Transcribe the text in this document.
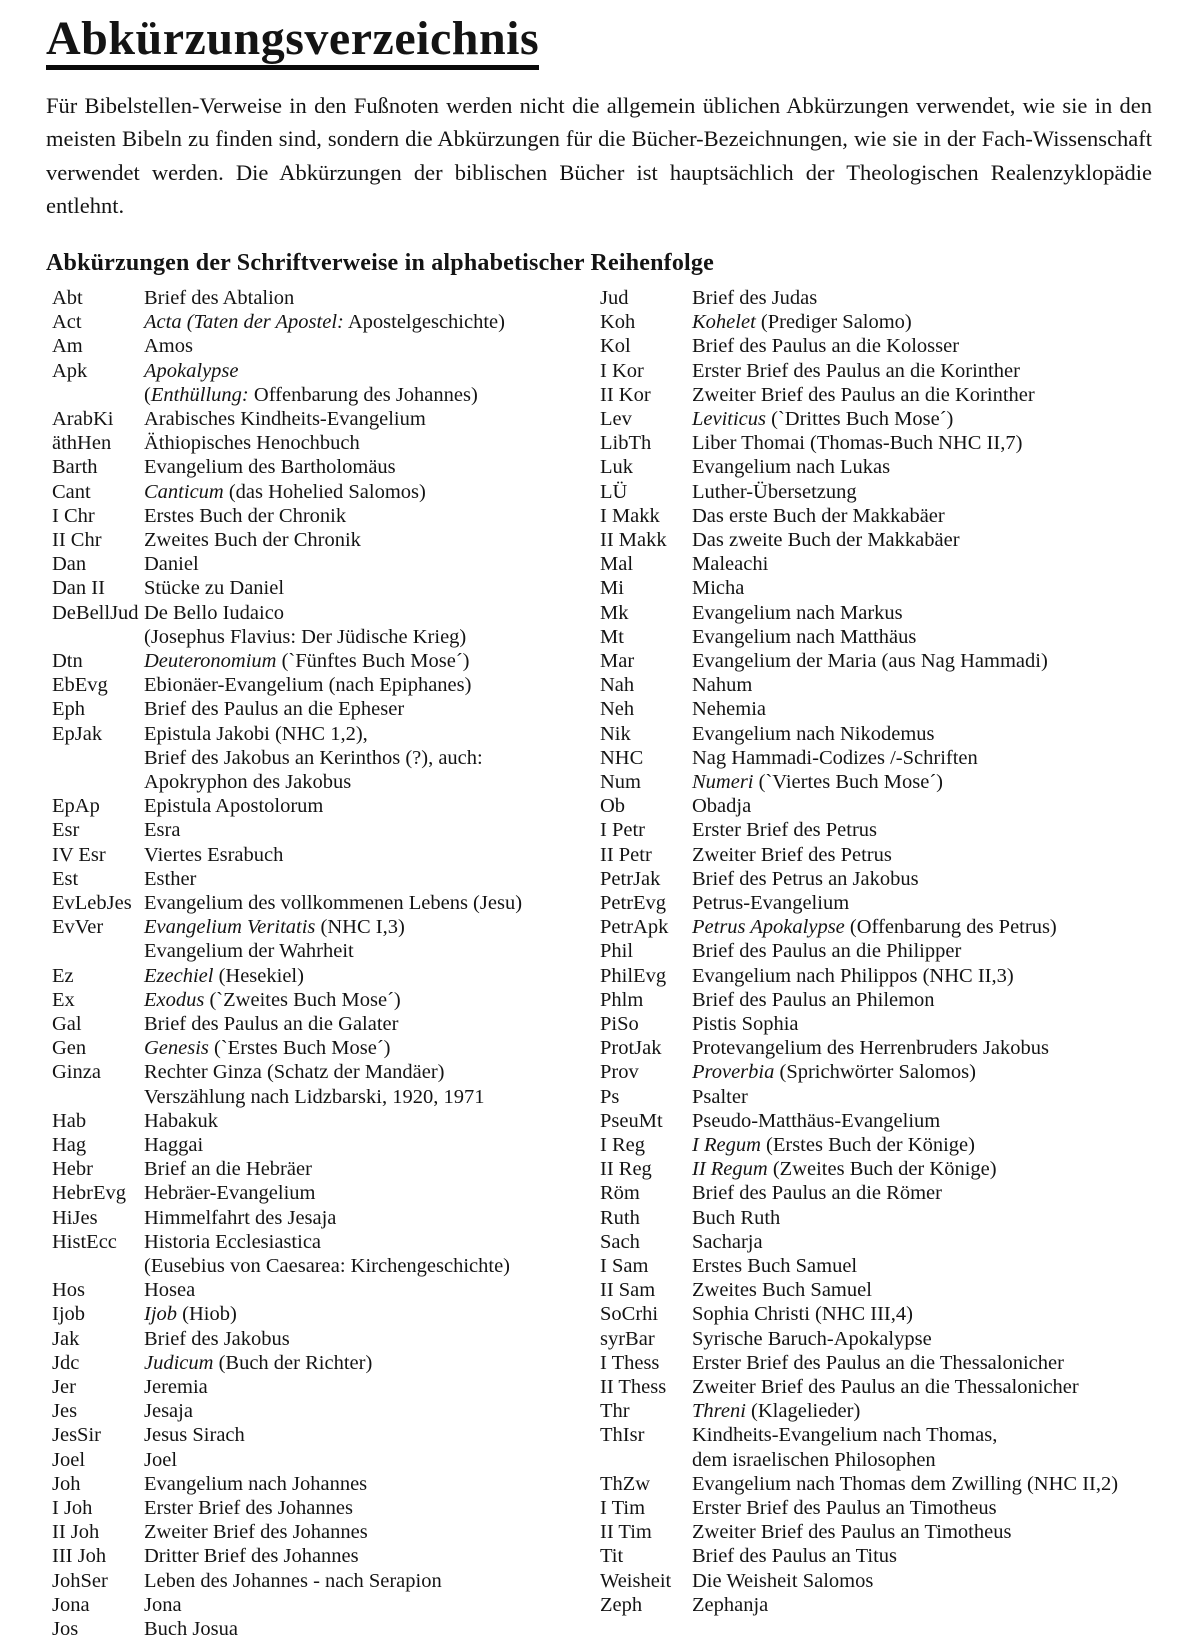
Abkürzungsverzeichnis

Für Bibelstellen-Verweise in den Fußnoten werden nicht die allgemein üblichen Abkürzungen verwendet, wie sie in den meisten Bibeln zu finden sind, sondern die Abkürzungen für die Bücher-Bezeichnungen, wie sie in der Fach-Wissenschaft verwendet werden. Die Abkürzungen der biblischen Bücher ist hauptsächlich der Theologischen Realenzyklopädie entlehnt.

Abkürzungen der Schriftverweise in alphabetischer Reihenfolge
Abt	Brief des Abtalion
Act	Acta (Taten der Apostel: Apostelgeschichte)
Am	Amos
Apk	Apokalypse
(Enthüllung: Offenbarung des Johannes)
ArabKi	Arabisches Kindheits-Evangelium
äthHen	Äthiopisches Henochbuch
Barth	Evangelium des Bartholomäus
Cant	Canticum (das Hohelied Salomos)
I Chr	Erstes Buch der Chronik
II Chr	Zweites Buch der Chronik
Dan	Daniel
Dan II	Stücke zu Daniel
DeBellJud De Bello Iudaico
(Josephus Flavius: Der Jüdische Krieg)
Dtn	Deuteronomium (`Fünftes Buch Mose´)
EbEvg	Ebionäer-Evangelium (nach Epiphanes)
Eph	Brief des Paulus an die Epheser
EpJak	Epistula Jakobi (NHC 1,2),
Brief des Jakobus an Kerinthos (?), auch:
Apokryphon des Jakobus
EpAp	Epistula Apostolorum
Esr	Esra
IV Esr	Viertes Esrabuch
Est	Esther
EvLebJes Evangelium des vollkommenen Lebens (Jesu)
EvVer	Evangelium Veritatis (NHC I,3)
Evangelium der Wahrheit
Ez	Ezechiel (Hesekiel)
Ex	Exodus (`Zweites Buch Mose´)
Gal	Brief des Paulus an die Galater
Gen	Genesis (`Erstes Buch Mose´)
Ginza	Rechter Ginza (Schatz der Mandäer)
Verszählung nach Lidzbarski, 1920, 1971
Hab	Habakuk
Hag	Haggai
Hebr	Brief an die Hebräer
HebrEvg Hebräer-Evangelium
HiJes	Himmelfahrt des Jesaja
HistEcc	Historia Ecclesiastica
(Eusebius von Caesarea: Kirchengeschichte)
Hos	Hosea
Ijob	Ijob (Hiob)
Jak	Brief des Jakobus
Jdc	Judicum (Buch der Richter)
Jer	Jeremia
Jes	Jesaja
JesSir	Jesus Sirach
Joel	Joel
Joh	Evangelium nach Johannes
I Joh	Erster Brief des Johannes
II Joh	Zweiter Brief des Johannes
III Joh	Dritter Brief des Johannes
JohSer	Leben des Johannes - nach Serapion
Jona	Jona
Jos	Buch Josua
Jud	Brief des Judas
Koh	Kohelet (Prediger Salomo)
Kol	Brief des Paulus an die Kolosser
I Kor	Erster Brief des Paulus an die Korinther
II Kor	Zweiter Brief des Paulus an die Korinther
Lev	Leviticus (`Drittes Buch Mose´)
LibTh	Liber Thomai (Thomas-Buch NHC II,7)
Luk	Evangelium nach Lukas
LÜ	Luther-Übersetzung
I Makk	Das erste Buch der Makkabäer
II Makk	Das zweite Buch der Makkabäer
Mal	Maleachi
Mi	Micha
Mk	Evangelium nach Markus
Mt	Evangelium nach Matthäus
Mar	Evangelium der Maria (aus Nag Hammadi)
Nah	Nahum
Neh	Nehemia
Nik	Evangelium nach Nikodemus
NHC	Nag Hammadi-Codizes /-Schriften
Num	Numeri (`Viertes Buch Mose´)
Ob	Obadja
I Petr	Erster Brief des Petrus
II Petr	Zweiter Brief des Petrus
PetrJak	Brief des Petrus an Jakobus
PetrEvg	Petrus-Evangelium
PetrApk	Petrus Apokalypse (Offenbarung des Petrus)
Phil	Brief des Paulus an die Philipper
PhilEvg	Evangelium nach Philippos (NHC II,3)
Phlm	Brief des Paulus an Philemon
PiSo	Pistis Sophia
ProtJak	Protevangelium des Herrenbruders Jakobus
Prov	Proverbia (Sprichwörter Salomos)
Ps	Psalter
PseuMt	Pseudo-Matthäus-Evangelium
I Reg	I Regum (Erstes Buch der Könige)
II Reg	II Regum (Zweites Buch der Könige)
Röm	Brief des Paulus an die Römer
Ruth	Buch Ruth
Sach	Sacharja
I Sam	Erstes Buch Samuel
II Sam	Zweites Buch Samuel
SoCrhi	Sophia Christi (NHC III,4)
syrBar	Syrische Baruch-Apokalypse
I Thess	Erster Brief des Paulus an die Thessalonicher
II Thess	Zweiter Brief des Paulus an die Thessalonicher
Thr	Threni (Klagelieder)
ThIsr	Kindheits-Evangelium nach Thomas,
dem israelischen Philosophen
ThZw	Evangelium nach Thomas dem Zwilling (NHC II,2)
I Tim	Erster Brief des Paulus an Timotheus
II Tim	Zweiter Brief des Paulus an Timotheus
Tit	Brief des Paulus an Titus
Weisheit	Die Weisheit Salomos
Zeph	Zephanja
